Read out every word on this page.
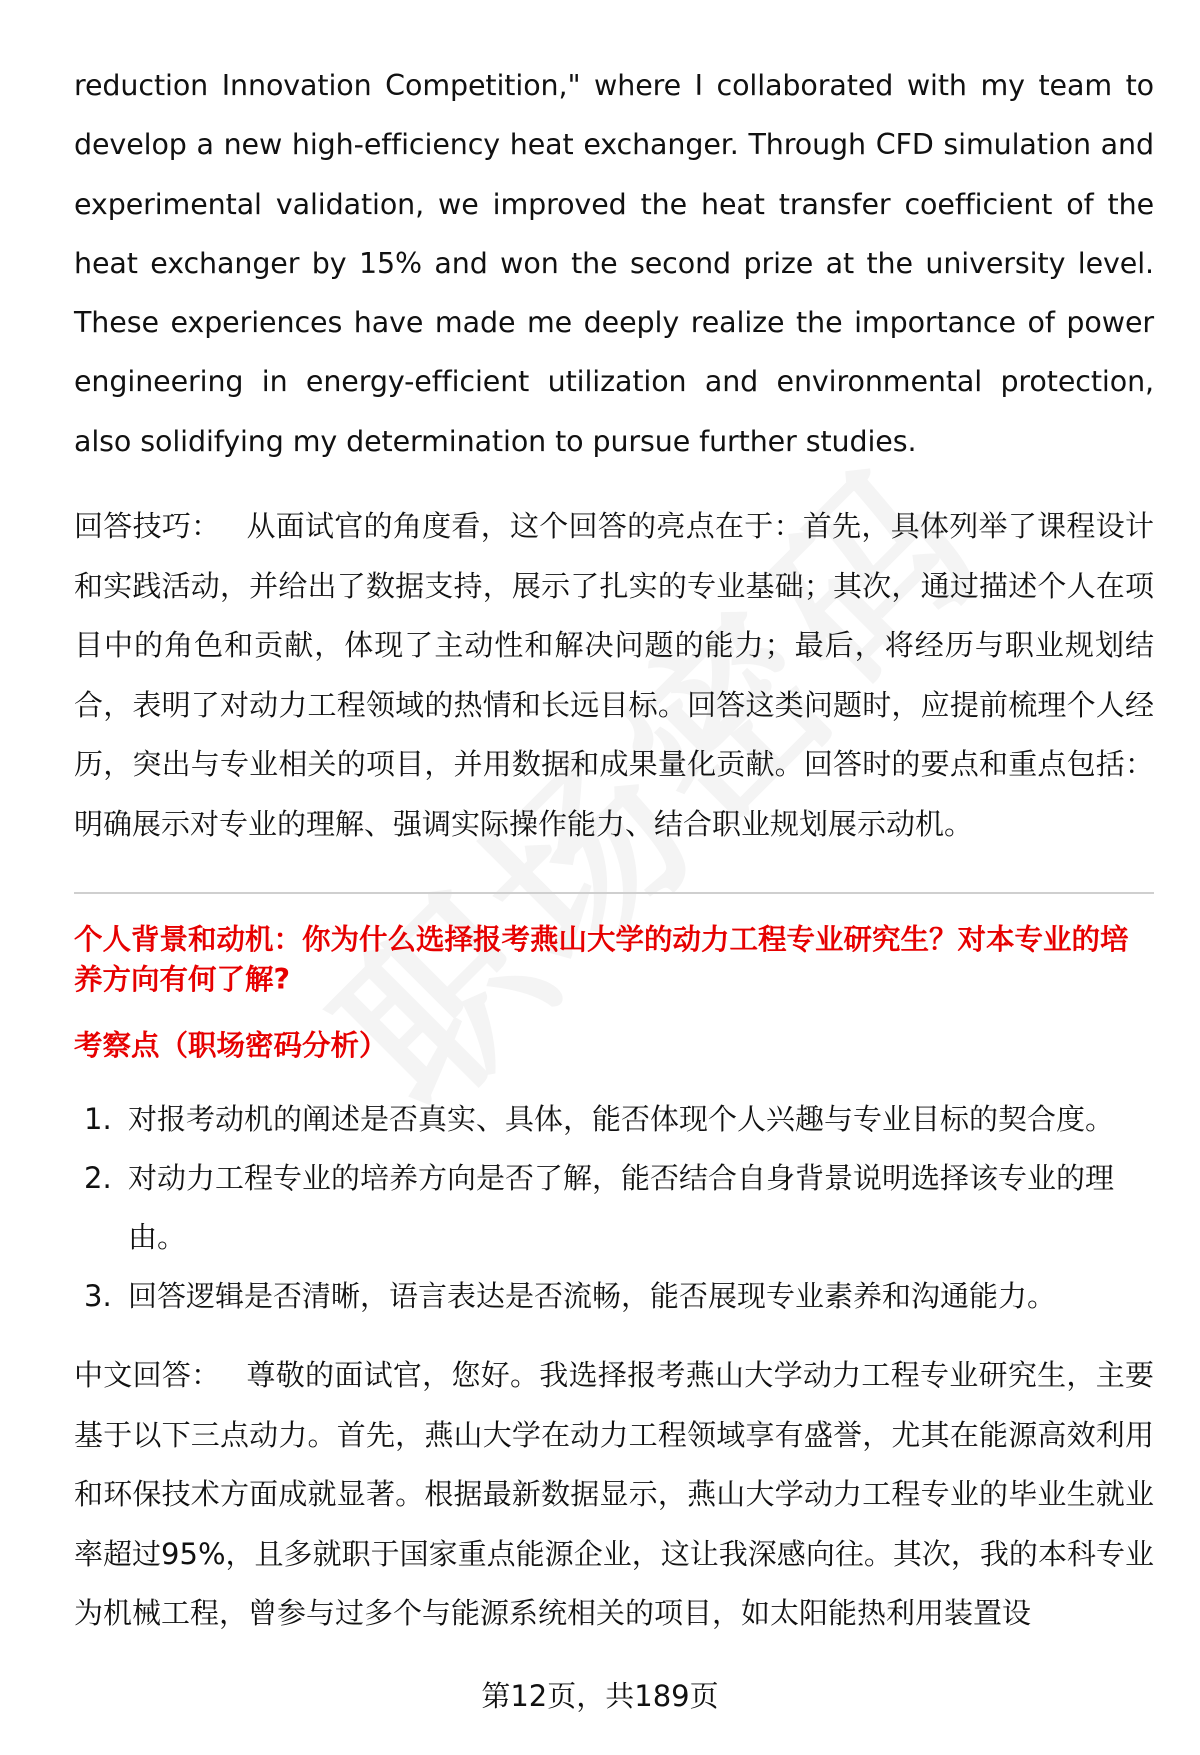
reduction Innovation Competition," where I collaborated with my team to develop a new high-efficiency heat exchanger. Through CFD simulation and experimental validation, we improved the heat transfer coefficient of the heat exchanger by 15% and won the second prize at the university level. These experiences have made me deeply realize the importance of power engineering in energy-efficient utilization and environmental protection, also solidifying my determination to pursue further studies.

回答技巧： 从面试官的角度看，这个回答的亮点在于：首先，具体列举了课程设计和实践活动，并给出了数据支持，展示了扎实的专业基础；其次，通过描述个人在项目中的角色和贡献，体现了主动性和解决问题的能力；最后，将经历与职业规划结合，表明了对动力工程领域的热情和长远目标。回答这类问题时，应提前梳理个人经历，突出与专业相关的项目，并用数据和成果量化贡献。回答时的要点和重点包括：明确展示对专业的理解、强调实际操作能力、结合职业规划展示动机。

个人背景和动机：你为什么选择报考燕山大学的动力工程专业研究生？对本专业的培养方向有何了解?

考察点（职场密码分析）

1. 对报考动机的阐述是否真实、具体，能否体现个人兴趣与专业目标的契合度。
2. 对动力工程专业的培养方向是否了解，能否结合自身背景说明选择该专业的理由。
3. 回答逻辑是否清晰，语言表达是否流畅，能否展现专业素养和沟通能力。

中文回答： 尊敬的面试官，您好。我选择报考燕山大学动力工程专业研究生，主要基于以下三点动力。首先，燕山大学在动力工程领域享有盛誉，尤其在能源高效利用和环保技术方面成就显著。根据最新数据显示，燕山大学动力工程专业的毕业生就业率超过95%，且多就职于国家重点能源企业，这让我深感向往。其次，我的本科专业为机械工程，曾参与过多个与能源系统相关的项目，如太阳能热利用装置设

第12页，共189页
